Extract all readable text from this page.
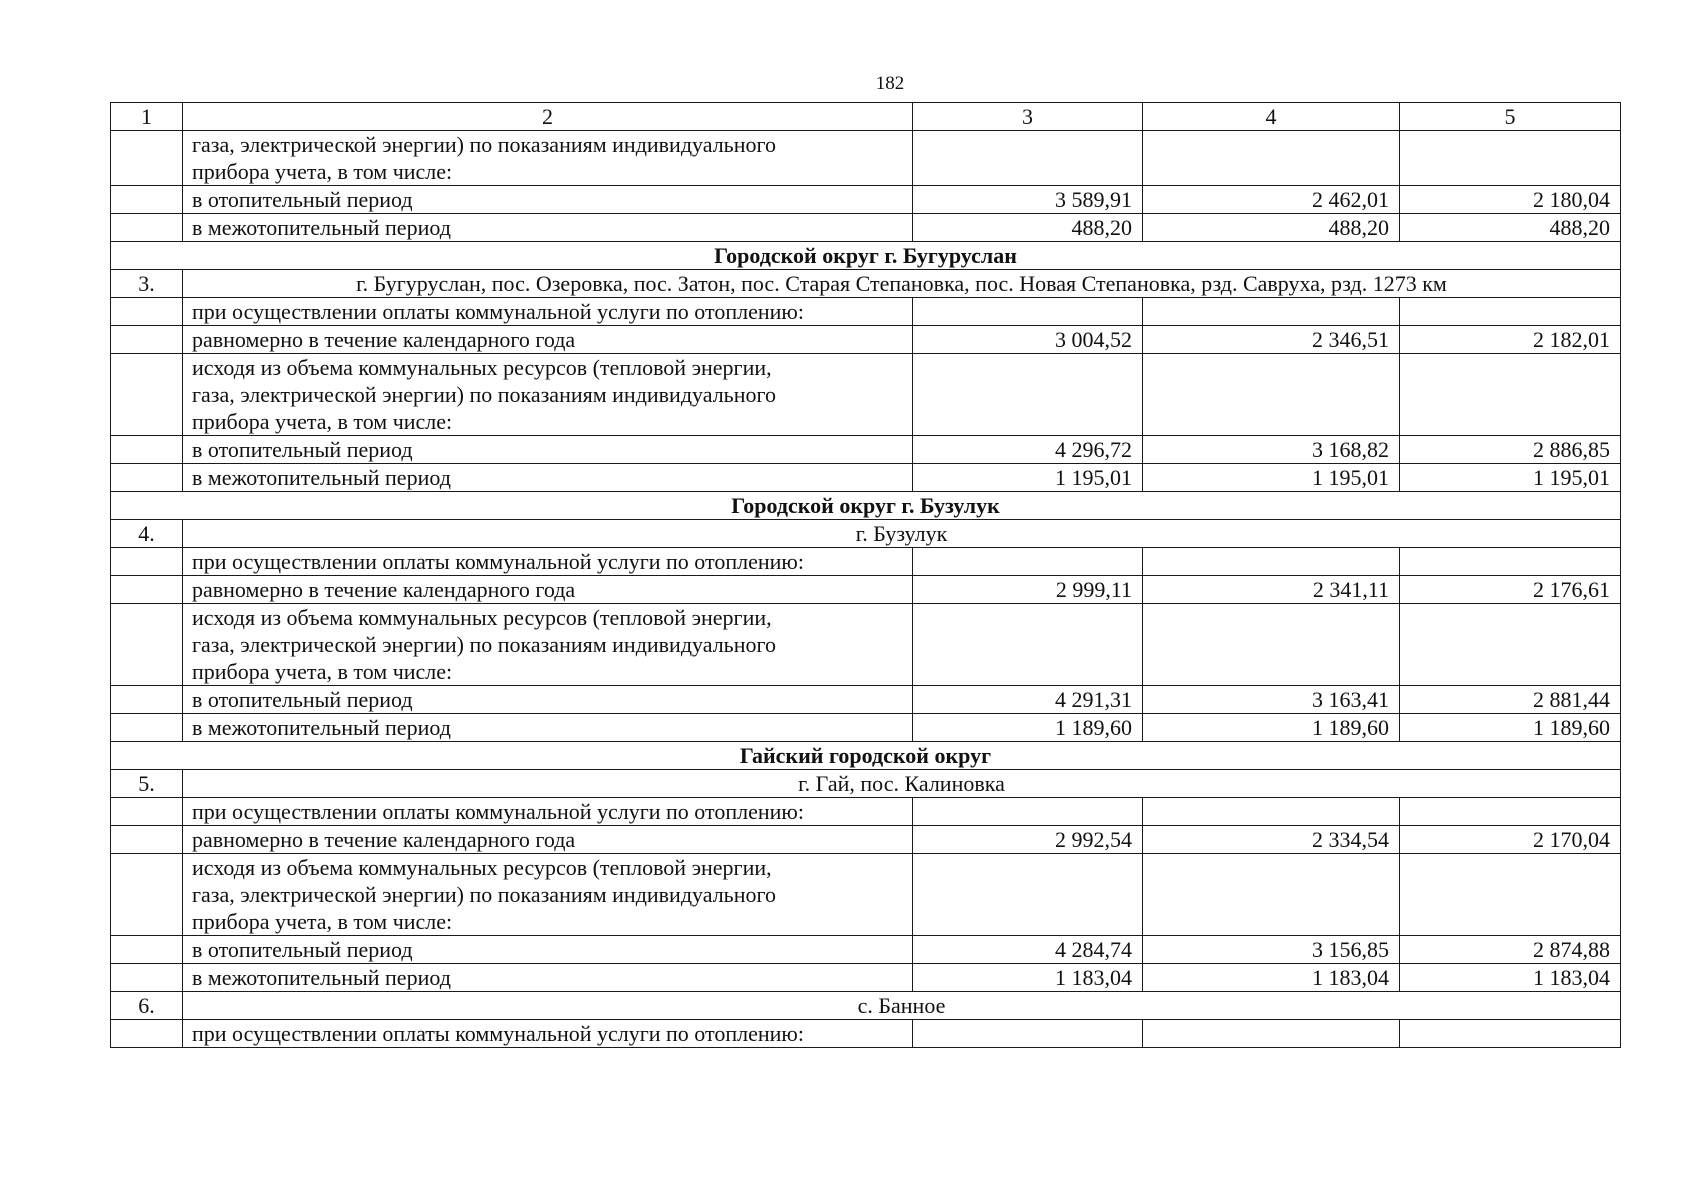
182
1	2	3	4	5

	газа, электрической энергии) по показаниям индивидуального
прибора учета, в том числе:			

	в отопительный период	3 589,91	2 462,01	2 180,04

	в межотопительный период	488,20	488,20	488,20
Городской округ г. Бугуруслан				
3.	г. Бугуруслан, пос. Озеровка, пос. Затон, пос. Старая Степановка, пос. Новая Степановка, рзд. Савруха, рзд. 1273 км			

	при осуществлении оплаты коммунальной услуги по отоплению:			

	равномерно в течение календарного года	3 004,52	2 346,51	2 182,01

	исходя из объема коммунальных ресурсов (тепловой энергии,
газа, электрической энергии) по показаниям индивидуального
прибора учета, в том числе:			

	в отопительный период	4 296,72	3 168,82	2 886,85

	в межотопительный период	1 195,01	1 195,01	1 195,01
Городской округ г. Бузулук				
4.	г. Бузулук			

	при осуществлении оплаты коммунальной услуги по отоплению:			

	равномерно в течение календарного года	2 999,11	2 341,11	2 176,61

	исходя из объема коммунальных ресурсов (тепловой энергии,
газа, электрической энергии) по показаниям индивидуального
прибора учета, в том числе:			

	в отопительный период	4 291,31	3 163,41	2 881,44

	в межотопительный период	1 189,60	1 189,60	1 189,60
Гайский городской округ				
5.	г. Гай, пос. Калиновка			

	при осуществлении оплаты коммунальной услуги по отоплению:			

	равномерно в течение календарного года	2 992,54	2 334,54	2 170,04

	исходя из объема коммунальных ресурсов (тепловой энергии,
газа, электрической энергии) по показаниям индивидуального
прибора учета, в том числе:			

	в отопительный период	4 284,74	3 156,85	2 874,88

	в межотопительный период	1 183,04	1 183,04	1 183,04
6.	с. Банное			

	при осуществлении оплаты коммунальной услуги по отоплению:			
